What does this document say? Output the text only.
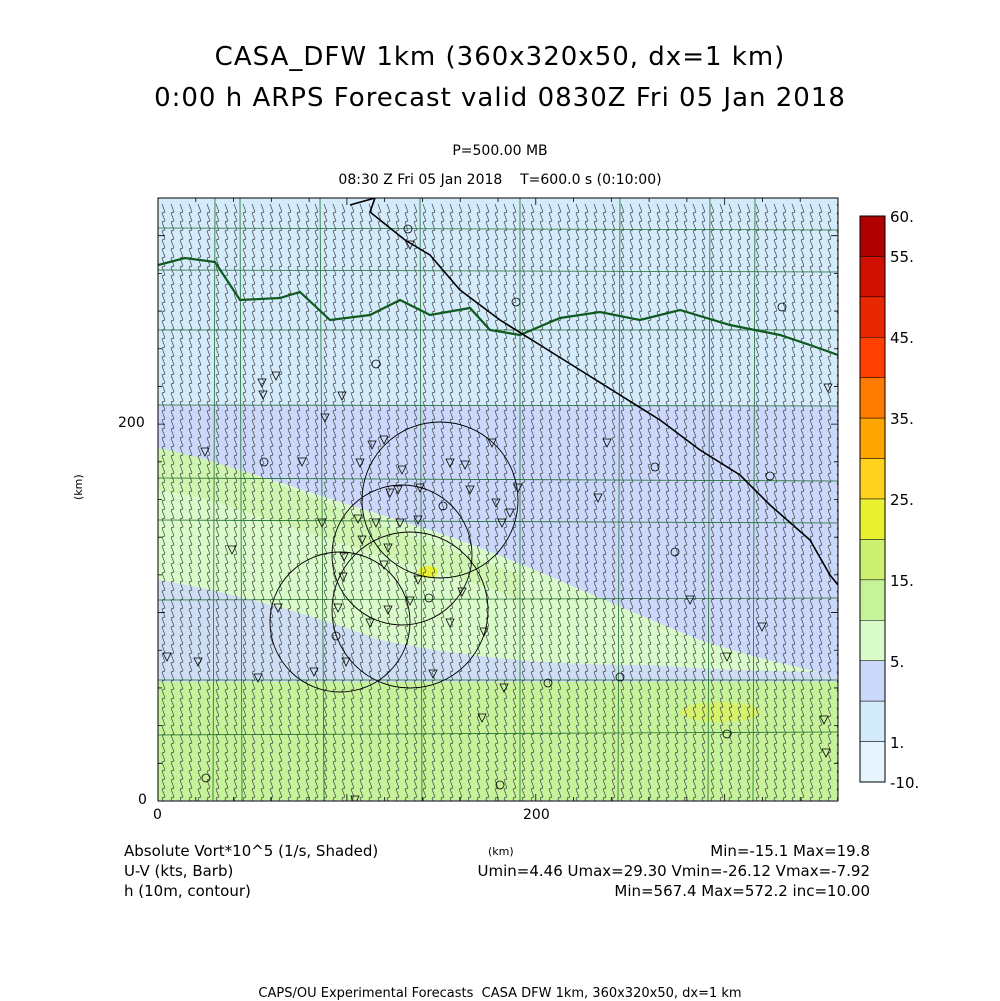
CASA_DFW 1km (360x320x50, dx=1 km)
0:00 h ARPS Forecast valid 0830Z Fri 05 Jan 2018
P=500.00 MB
08:30 Z Fri 05 Jan 2018    T=600.0 s (0:10:00)
200
0
0	200
(km)
(km)
60.
55.
45.
35.
25.
15.
5.
1.
-10.
Absolute Vort*10^5 (1/s, Shaded)
U-V (kts, Barb)
h (10m, contour)
Min=-15.1 Max=19.8
Umin=4.46 Umax=29.30 Vmin=-26.12 Vmax=-7.92
Min=567.4 Max=572.2 inc=10.00
CAPS/OU Experimental Forecasts  CASA DFW 1km, 360x320x50, dx=1 km
